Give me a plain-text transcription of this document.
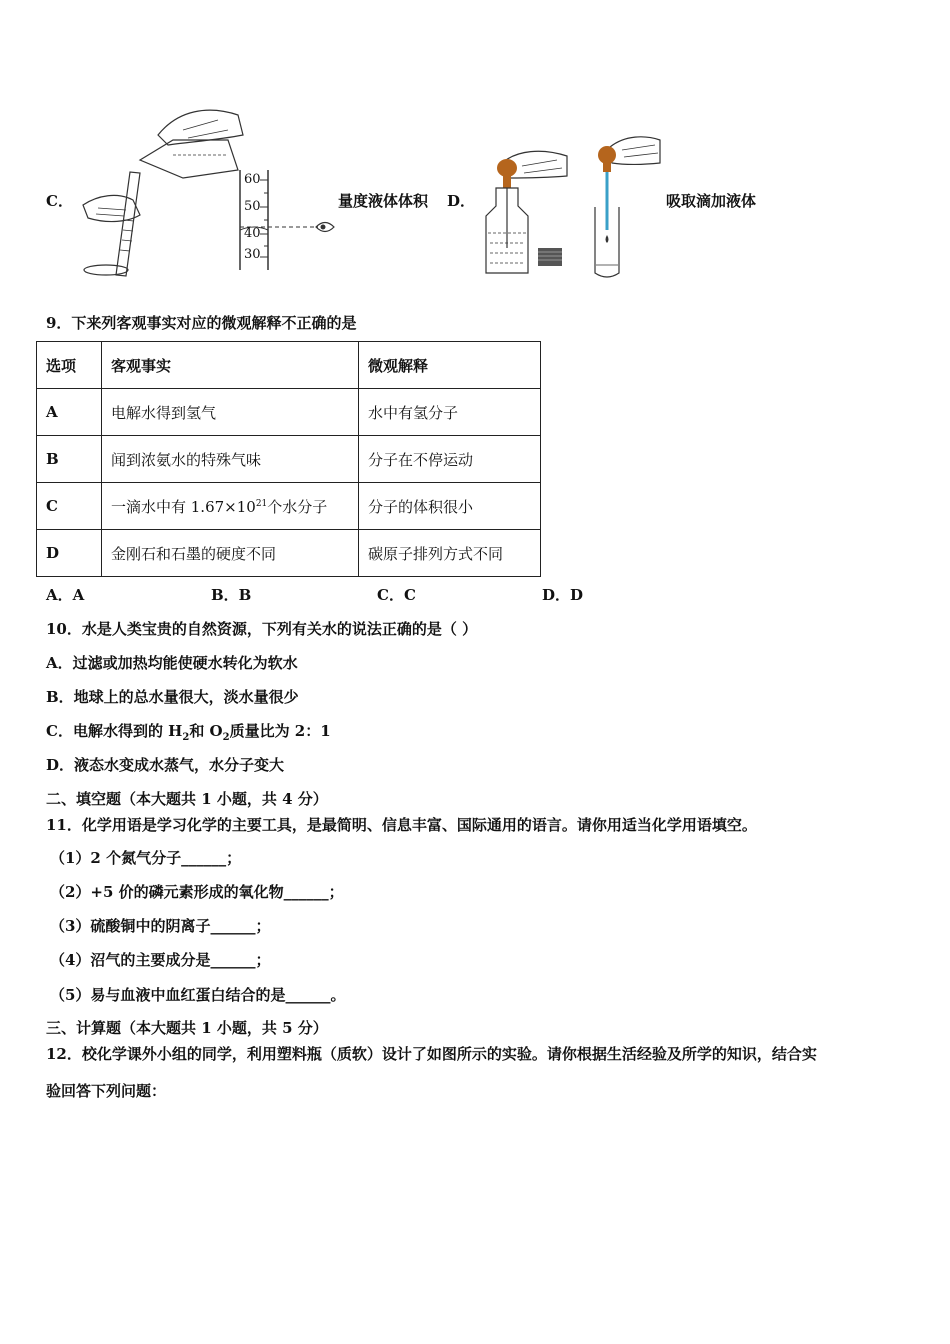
C．
60
50
40
30
量度液体体积 D．	吸取滴加液体
9．下来列客观事实对应的微观解释不正确的是
选项	客观事实	微观解释
A	电解水得到氢气	水中有氢分子
B	闻到浓氨水的特殊气味	分子在不停运动
C	一滴水中有 $1.67\times 10^{21}$个水分子	分子的体积很小
D	金刚石和石墨的硬度不同	碳原子排列方式不同
A．A	B．B	C．C	D．D
10．水是人类宝贵的自然资源，下列有关水的说法正确的是（ ）
A．过滤或加热均能使硬水转化为软水
B．地球上的总水量很大，淡水量很少
C．电解水得到的 $H_2$和 $O_2$质量比为 2：1
D．液态水变成水蒸气，水分子变大
二、填空题（本大题共 1 小题，共 4 分）
11．化学用语是学习化学的主要工具，是最简明、信息丰富、国际通用的语言。请你用适当化学用语填空。
（1）2 个氮气分子______；
（2）+5 价的磷元素形成的氧化物______；
（3）硫酸铜中的阴离子______；
（4）沼气的主要成分是______；
（5）易与血液中血红蛋白结合的是______。
三、计算题（本大题共 1 小题，共 5 分）
12．校化学课外小组的同学，利用塑料瓶（质软）设计了如图所示的实验。请你根据生活经验及所学的知识，结合实
验回答下列问题：
